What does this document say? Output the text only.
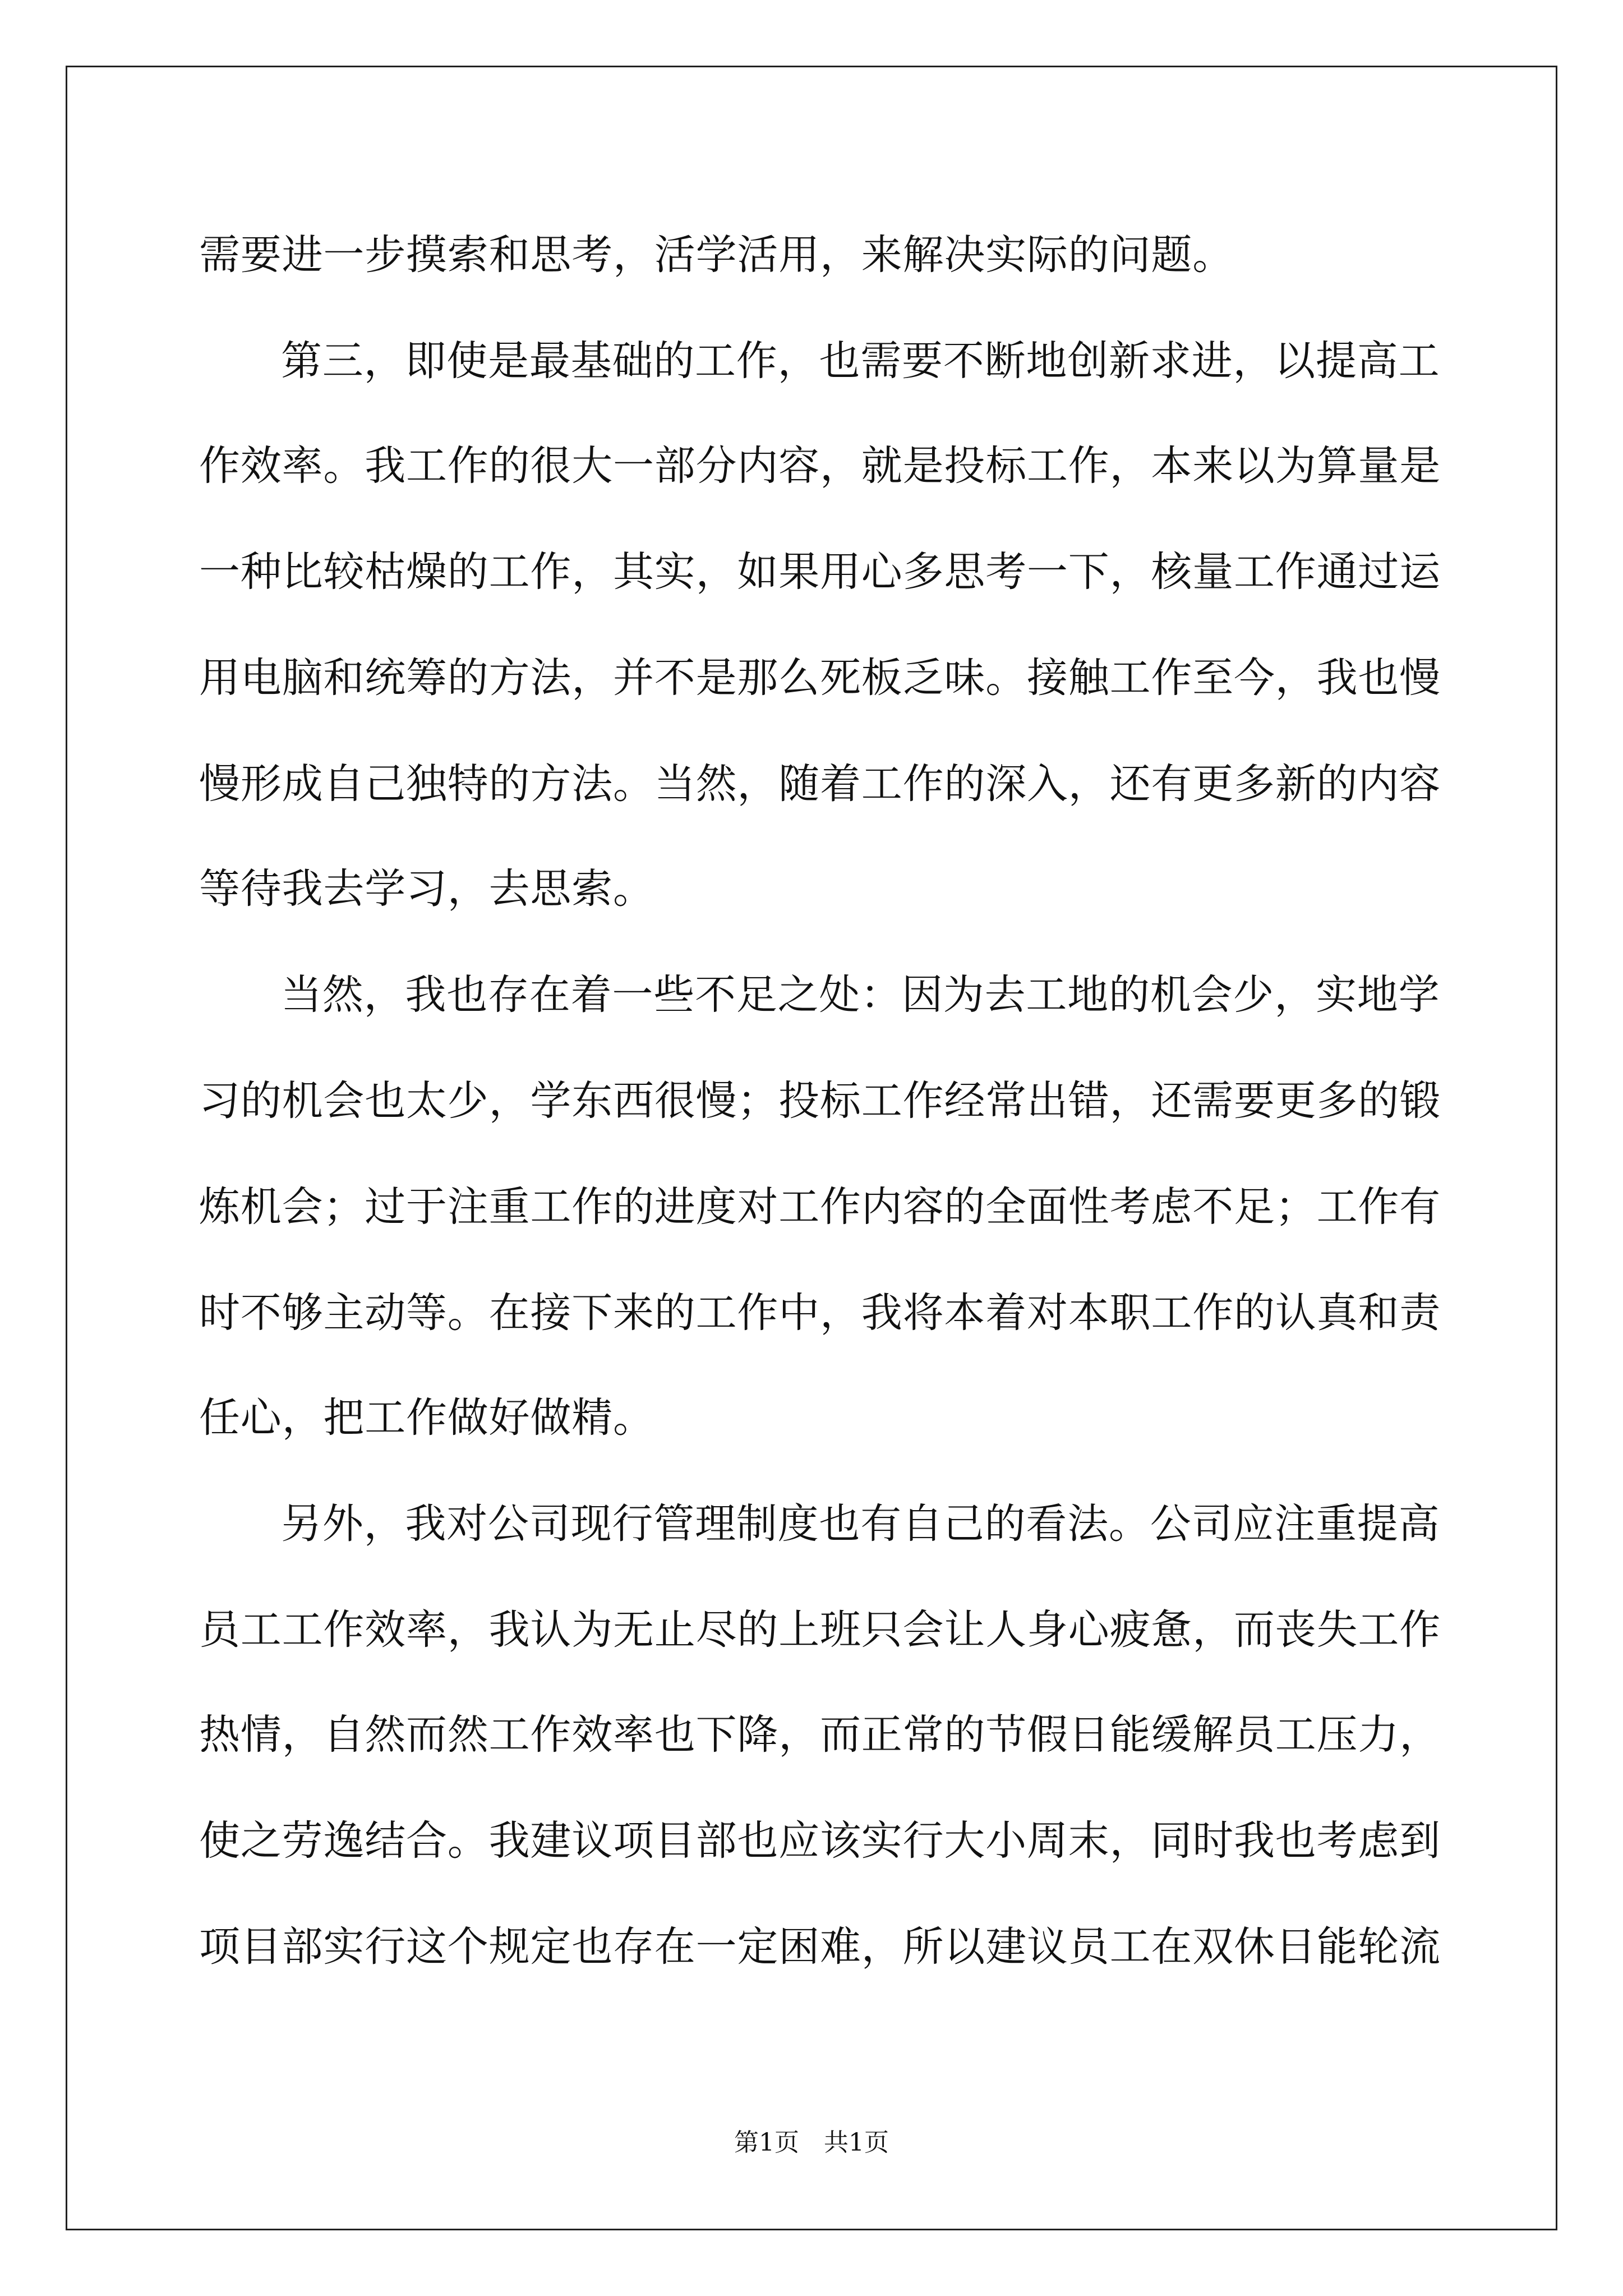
需要进一步摸索和思考，活学活用，来解决实际的问题。
第三，即使是最基础的工作，也需要不断地创新求进，以提高工
作效率。我工作的很大一部分内容，就是投标工作，本来以为算量是
一种比较枯燥的工作，其实，如果用心多思考一下，核量工作通过运
用电脑和统筹的方法，并不是那么死板乏味。接触工作至今，我也慢
慢形成自己独特的方法。当然，随着工作的深入，还有更多新的内容
等待我去学习，去思索。
当然，我也存在着一些不足之处：因为去工地的机会少，实地学
习的机会也太少，学东西很慢；投标工作经常出错，还需要更多的锻
炼机会；过于注重工作的进度对工作内容的全面性考虑不足；工作有
时不够主动等。在接下来的工作中，我将本着对本职工作的认真和责
任心，把工作做好做精。
另外，我对公司现行管理制度也有自己的看法。公司应注重提高
员工工作效率，我认为无止尽的上班只会让人身心疲惫，而丧失工作
热情，自然而然工作效率也下降，而正常的节假日能缓解员工压力，
使之劳逸结合。我建议项目部也应该实行大小周末，同时我也考虑到
项目部实行这个规定也存在一定困难，所以建议员工在双休日能轮流
第1页　共1页
